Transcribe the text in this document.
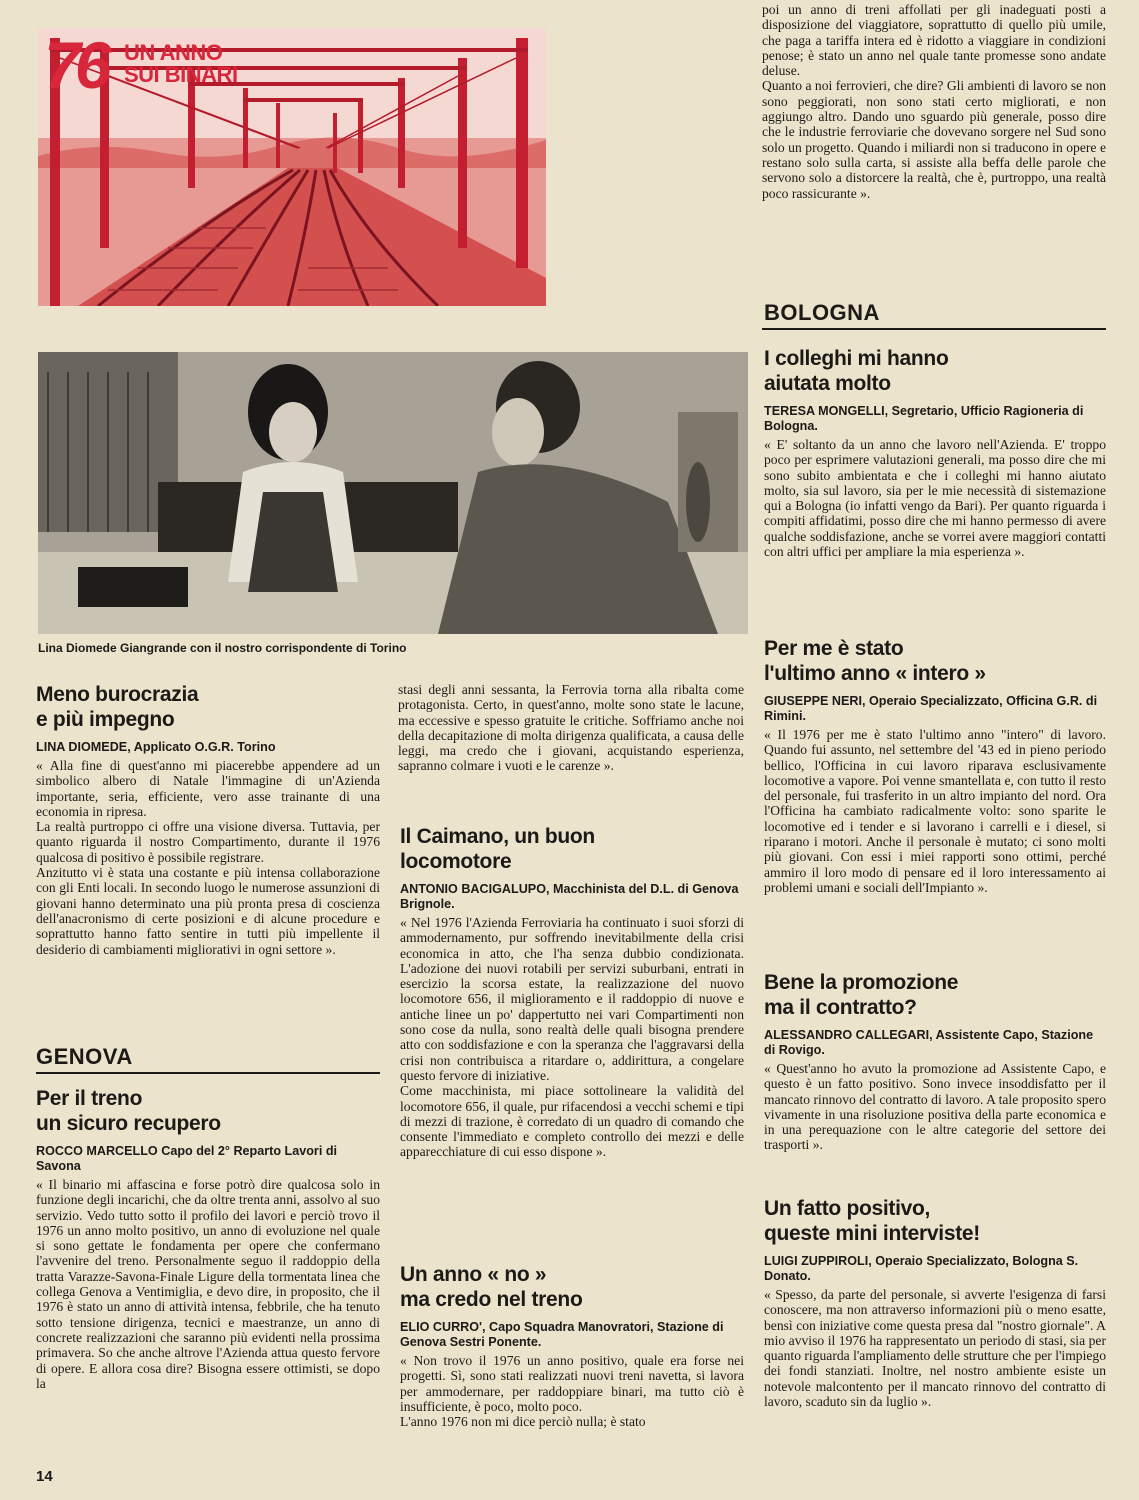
76 UN ANNO
SUI BINARI
Lina Diomede Giangrande con il nostro corrispondente di Torino

poi un anno di treni affollati per gli inadeguati posti a disposizione del viaggiatore, soprattutto di quello più umile, che paga a tariffa intera ed è ridotto a viaggiare in condizioni penose; è stato un anno nel quale tante promesse sono andate deluse.

Quanto a noi ferrovieri, che dire? Gli ambienti di lavoro se non sono peggiorati, non sono stati certo migliorati, e non aggiungo altro. Dando uno sguardo più generale, posso dire che le industrie ferroviarie che dovevano sorgere nel Sud sono solo un progetto. Quando i miliardi non si traducono in opere e restano solo sulla carta, si assiste alla beffa delle parole che servono solo a distorcere la realtà, che è, purtroppo, una realtà poco rassicurante ».

BOLOGNA
I colleghi mi hanno
aiutata molto
TERESA MONGELLI, Segretario, Ufficio Ragioneria di Bologna.

« E' soltanto da un anno che lavoro nell'Azienda. E' troppo poco per esprimere valutazioni generali, ma posso dire che mi sono subito ambientata e che i colleghi mi hanno aiutato molto, sia sul lavoro, sia per le mie necessità di sistemazione qui a Bologna (io infatti vengo da Bari). Per quanto riguarda i compiti affidatimi, posso dire che mi hanno permesso di avere qualche soddisfazione, anche se vorrei avere maggiori contatti con altri uffici per ampliare la mia esperienza ».

Per me è stato
l'ultimo anno « intero »
GIUSEPPE NERI, Operaio Specializzato, Officina G.R. di Rimini.

« Il 1976 per me è stato l'ultimo anno "intero" di lavoro. Quando fui assunto, nel settembre del '43 ed in pieno periodo bellico, l'Officina in cui lavoro riparava esclusivamente locomotive a vapore. Poi venne smantellata e, con tutto il resto del personale, fui trasferito in un altro impianto del nord. Ora l'Officina ha cambiato radicalmente volto: sono sparite le locomotive ed i tender e si lavorano i carrelli e i diesel, si riparano i motori. Anche il personale è mutato; ci sono molti più giovani. Con essi i miei rapporti sono ottimi, perché ammiro il loro modo di pensare ed il loro interessamento ai problemi umani e sociali dell'Impianto ».

Bene la promozione
ma il contratto?
ALESSANDRO CALLEGARI, Assistente Capo, Stazione di Rovigo.

« Quest'anno ho avuto la promozione ad Assistente Capo, e questo è un fatto positivo. Sono invece insoddisfatto per il mancato rinnovo del contratto di lavoro. A tale proposito spero vivamente in una risoluzione positiva della parte economica e in una perequazione con le altre categorie del settore dei trasporti ».

Un fatto positivo,
queste mini interviste!
LUIGI ZUPPIROLI, Operaio Specializzato, Bologna S. Donato.

« Spesso, da parte del personale, si avverte l'esigenza di farsi conoscere, ma non attraverso informazioni più o meno esatte, bensì con iniziative come questa presa dal "nostro giornale". A mio avviso il 1976 ha rappresentato un periodo di stasi, sia per quanto riguarda l'ampliamento delle strutture che per l'impiego dei fondi stanziati. Inoltre, nel nostro ambiente esiste un notevole malcontento per il mancato rinnovo del contratto di lavoro, scaduto sin da luglio ».

Meno burocrazia
e più impegno
LINA DIOMEDE, Applicato O.G.R. Torino

« Alla fine di quest'anno mi piacerebbe appendere ad un simbolico albero di Natale l'immagine di un'Azienda importante, seria, efficiente, vero asse trainante di una economia in ripresa.

La realtà purtroppo ci offre una visione diversa. Tuttavia, per quanto riguarda il nostro Compartimento, durante il 1976 qualcosa di positivo è possibile registrare.

Anzitutto vi è stata una costante e più intensa collaborazione con gli Enti locali. In secondo luogo le numerose assunzioni di giovani hanno determinato una più pronta presa di coscienza dell'anacronismo di certe posizioni e di alcune procedure e soprattutto hanno fatto sentire in tutti più impellente il desiderio di cambiamenti migliorativi in ogni settore ».

GENOVA
Per il treno
un sicuro recupero
ROCCO MARCELLO Capo del 2° Reparto Lavori di Savona

« Il binario mi affascina e forse potrò dire qualcosa solo in funzione degli incarichi, che da oltre trenta anni, assolvo al suo servizio. Vedo tutto sotto il profilo dei lavori e perciò trovo il 1976 un anno molto positivo, un anno di evoluzione nel quale si sono gettate le fondamenta per opere che confermano l'avvenire del treno. Personalmente seguo il raddoppio della tratta Varazze-Savona-Finale Ligure della tormentata linea che collega Genova a Ventimiglia, e devo dire, in proposito, che il 1976 è stato un anno di attività intensa, febbrile, che ha tenuto sotto tensione dirigenza, tecnici e maestranze, un anno di concrete realizzazioni che saranno più evidenti nella prossima primavera. So che anche altrove l'Azienda attua questo fervore di opere. E allora cosa dire? Bisogna essere ottimisti, se dopo la

14

stasi degli anni sessanta, la Ferrovia torna alla ribalta come protagonista. Certo, in quest'anno, molte sono state le lacune, ma eccessive e spesso gratuite le critiche. Soffriamo anche noi della decapitazione di molta dirigenza qualificata, a causa delle leggi, ma credo che i giovani, acquistando esperienza, sapranno colmare i vuoti e le carenze ».

Il Caimano, un buon
locomotore
ANTONIO BACIGALUPO, Macchinista del D.L. di Genova Brignole.

« Nel 1976 l'Azienda Ferroviaria ha continuato i suoi sforzi di ammodernamento, pur soffrendo inevitabilmente della crisi economica in atto, che l'ha senza dubbio condizionata. L'adozione dei nuovi rotabili per servizi suburbani, entrati in esercizio la scorsa estate, la realizzazione del nuovo locomotore 656, il miglioramento e il raddoppio di nuove e antiche linee un po' dappertutto nei vari Compartimenti non sono cose da nulla, sono realtà delle quali bisogna prendere atto con soddisfazione e con la speranza che l'aggravarsi della crisi non contribuisca a ritardare o, addirittura, a congelare questo fervore di iniziative.

Come macchinista, mi piace sottolineare la validità del locomotore 656, il quale, pur rifacendosi a vecchi schemi e tipi di mezzi di trazione, è corredato di un quadro di comando che consente l'immediato e completo controllo dei mezzi e delle apparecchiature di cui esso dispone ».

Un anno « no »
ma credo nel treno
ELIO CURRO', Capo Squadra Manovratori, Stazione di Genova Sestri Ponente.

« Non trovo il 1976 un anno positivo, quale era forse nei progetti. Sì, sono stati realizzati nuovi treni navetta, si lavora per ammodernare, per raddoppiare binari, ma tutto ciò è insufficiente, è poco, molto poco.

L'anno 1976 non mi dice perciò nulla; è stato
